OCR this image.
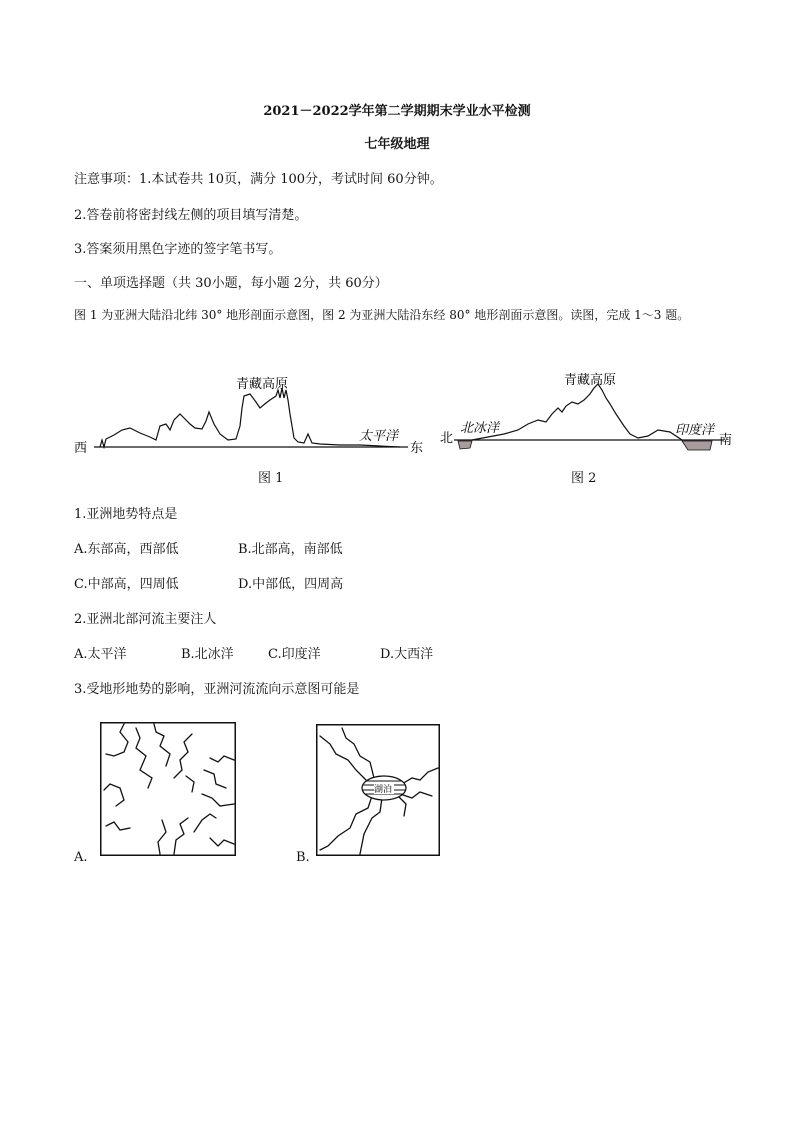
2021－2022学年第二学期期末学业水平检测
七年级地理
注意事项：1.本试卷共 10页，满分 100分，考试时间 60分钟。
2.答卷前将密封线左侧的项目填写清楚。
3.答案须用黑色字迹的签字笔书写。
一、单项选择题（共 30小题，每小题 2分，共 60分）
图 1 为亚洲大陆沿北纬 30° 地形剖面示意图，图 2 为亚洲大陆沿东经 80° 地形剖面示意图。读图，完成 1～3 题。
青藏高原
西	东
太平洋
图 1
青藏高原
北	南
北冰洋	印度洋
图 2
1.亚洲地势特点是
A.东部高，西部低	B.北部高，南部低
C.中部高，四周低	D.中部低，四周高
2.亚洲北部河流主要注人
A.太平洋	B.北冰洋	C.印度洋	D.大西洋
3.受地形地势的影响，亚洲河流流向示意图可能是
A.
湖泊
B.
